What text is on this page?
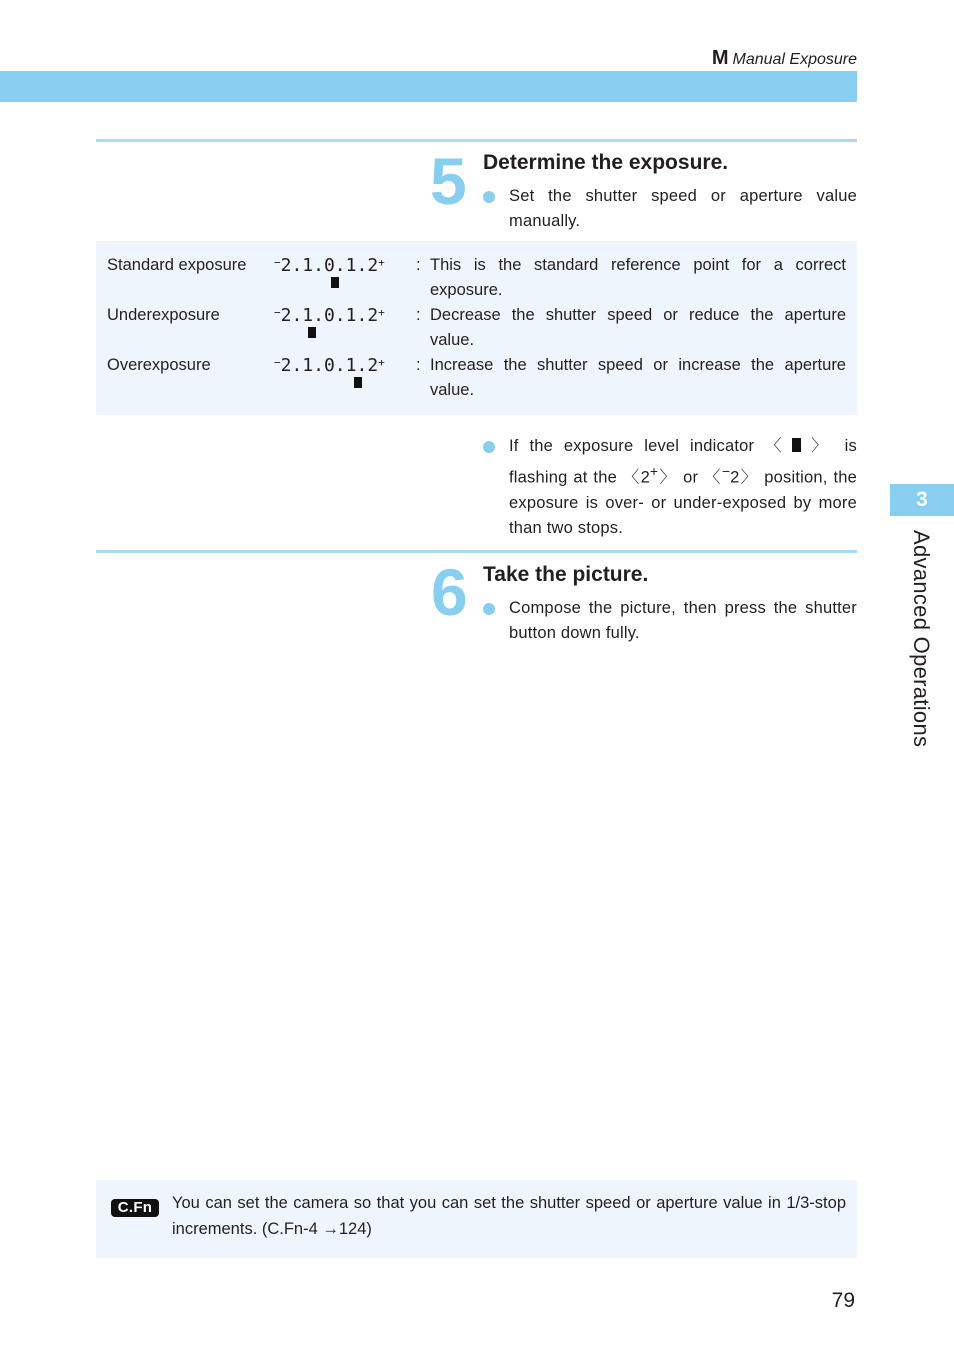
M Manual Exposure
5 Determine the exposure.
Set the shutter speed or aperture value manually.
Standard exposure	−2.1.0.1.2+ : This is the standard reference point for a correct exposure.
Underexposure	−2.1.0.1.2+ : Decrease the shutter speed or reduce the aperture value.
Overexposure	−2.1.0.1.2+ : Increase the shutter speed or increase the aperture value.
If the exposure level indicator 〈 〉 is flashing at the 〈2+〉 or 〈−2〉 position, the exposure is over- or under-exposed by more than two stops.
6 Take the picture.
Compose the picture, then press the shutter button down fully.
3
Advanced Operations
C.Fn	You can set the camera so that you can set the shutter speed or aperture value in 1/3-stop increments. (C.Fn-4 →124)
79
